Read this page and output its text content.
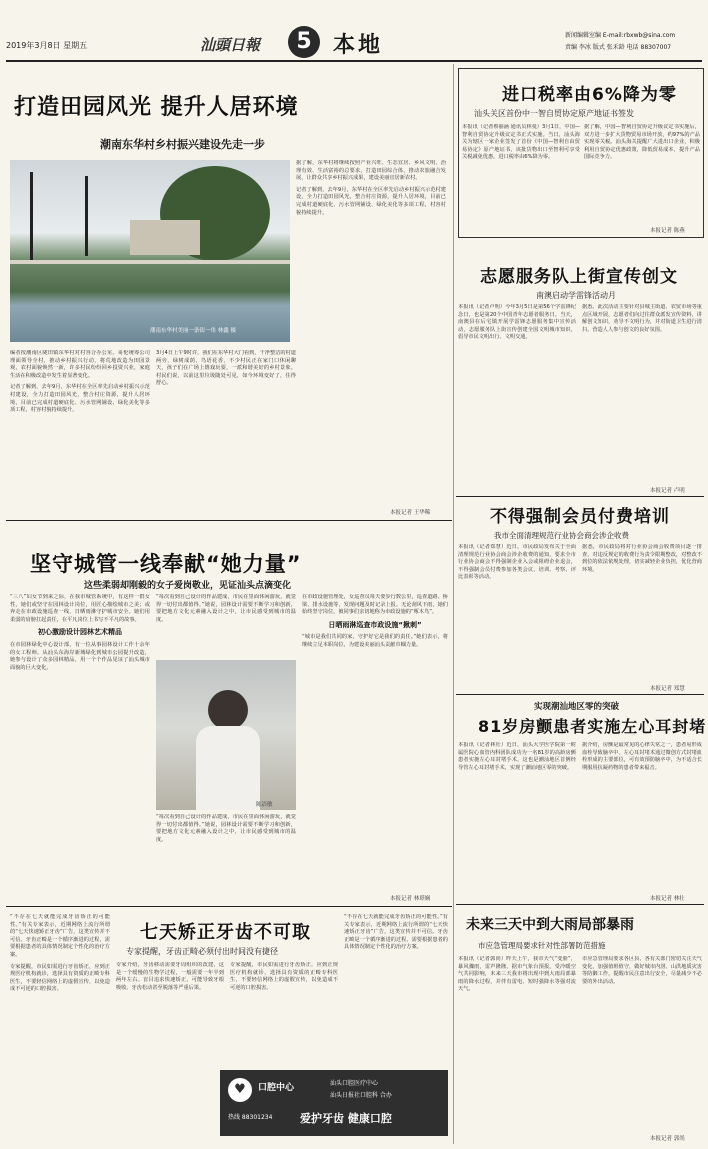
2019年3月8日 星期五	汕頭日報	5 本地	新闻编辑室编 E-mail:rbxwb@sina.com
责编 李冰 版式 张禾龄 电话 88307007
打造田园风光 提升人居环境
潮南东华村乡村振兴建设先走一步
潮南东华村美丽一条街一角 林鑫 摄

编者按潮南区陇田镇东华村对村容合办公室。哥伦统筹公司理面领导全村，推动乡村振兴行动，将荒地改造为田园景观，农村面貌焕然一新，许多村民纷纷回乡投资兴业，家庭生活在积极改造中发生着显著变化。

记者了解到，去年9月，东华村在全区率先启动乡村振兴示范村建设，全力打造田园风光，整合村庄资源，提升人居环境，目前已完成村道硬底化、污水管网铺设、绿化美化等多项工程，村容村貌持续提升。

3月4日上午9时许，我们在东华村大门看到，干净整洁的村道两旁，绿树成荫，鸟语花香，不少村民正在家门口休闲聊天，孩子们在广场上嬉戏玩耍，一派和谐美好的乡村景象。村民们说，以前这里垃圾随处可见，如今环境变好了，住得舒心。

据了解，东华村将继续按照产业兴旺、生态宜居、乡风文明、治理有效、生活富裕的总要求，打造田园综合体，推动农旅融合发展，让群众共享乡村振兴成果，建设美丽宜居新农村。

记者了解到，去年9月，东华村在全区率先启动乡村振兴示范村建设，全力打造田园风光，整合村庄资源，提升人居环境，目前已完成村道硬底化、污水管网铺设、绿化美化等多项工程，村容村貌持续提升。

本报记者 王华稀
进口税率由6%降为零
汕头关区首份中一智自贸协定原产地证书签发

本报讯（记者蔡丽涵 通讯员林曼）3月1日，中国—智利自贸协定升级议定书正式实施。当日，汕头海关为辖区一家企业签发了首份《中国—智利自由贸易协定》原产地证书，该批货物出口至智利可享受关税减免优惠，进口税率由6%降为零。

据了解，中国—智利自贸协定升级议定书实施后，双方进一步扩大货物贸易市场开放，约97%的产品实现零关税。汕头海关提醒广大进出口企业，积极利用自贸协定优惠政策，降低贸易成本，提升产品国际竞争力。

本报记者 陈燕
志愿服务队上街宣传创文
南澳启动学雷锋活动月

本报讯（记者卢明）今年3月5日是第56个学雷锋纪念日，也是第20个中国青年志愿者服务日。当天，南澳县在后宅镇开展学雷锋志愿服务集中宣传活动，志愿服务队上街宣传创建全国文明城市知识，倡导市民文明出行、文明交通。

据悉，此次活动主要针对县城主街道、农贸市场等重点区域开展，志愿者们向过往群众派发宣传资料，讲解创文知识，劝导不文明行为，并对街道卫生进行清扫，营造人人参与创文的良好氛围。

本报记者 卢明
不得强制会员付费培训
我市全面清理规范行业协会商会涉企收费

本报讯（记者郑慧）近日，市民政局发布关于全面清理规范行业协会商会涉企收费的通知，要求全市行业协会商会不得强制企业入会或阻碍企业退会，不得强制会员付费参加各类会议、培训、考察、评比表彰等活动。

据悉，市民政局将对行业协会商会收费项目逐一排查，对违反规定的收费行为责令限期整改，对整改不到位的依法依规处理，切实减轻企业负担，优化营商环境。

本报记者 郑慧
实现潮汕地区零的突破
81岁房颤患者实施左心耳封堵

本报讯（记者林壮）近日，汕头大学医学院第一附属医院心血管内科团队成功为一名81岁的高龄房颤患者实施左心耳封堵手术，这也是潮汕地区首例经导管左心耳封堵手术，实现了潮汕地区零的突破。

据介绍，房颤是最常见的心律失常之一，患者易形成血栓导致脑卒中。左心耳封堵术通过微创方式封堵血栓形成的主要部位，可有效预防脑卒中，为不适合长期服用抗凝药物的患者带来福音。

本报记者 林壮
坚守城管一线奉献“她力量”
这些柔弱却刚毅的女子爱岗敬业，见证汕头点滴变化

“三八”妇女节到来之际，在我市城管系统中，有这样一群女性，她们或坚守在园林设计岗位，用匠心描绘城市之美；或奔走在市政设施巡查一线，日晒雨淋守护城市安全。她们用柔弱的肩膀扛起责任，在平凡岗位上书写不平凡的故事。

初心激励设计园林艺术精品

在市园林绿化中心设计部，有一位从事园林设计工作十余年的女工程师。从汕头东海岸新城绿化到城市公园提升改造，她参与设计了众多园林精品，用一个个作品见证了汕头城市面貌的巨大变化。

陈洁敏

“每次看到自己设计的作品建成，市民在里面休闲游玩，就觉得一切付出都值得。”她说，园林设计需要不断学习和创新，要把地方文化元素融入设计之中，让市民感受到城市的温度。

“每次看到自己设计的作品建成，市民在里面休闲游玩，就觉得一切付出都值得。”她说，园林设计需要不断学习和创新，要把地方文化元素融入设计之中，让市民感受到城市的温度。

在市政设施管理处，女巡查员每天要步行数公里，巡查道路、桥梁、排水设施等，发现问题及时记录上报。无论刮风下雨，她们始终坚守岗位，被同事们亲切地称为市政设施的“啄木鸟”。

日晒雨淋巡查市政设施“揪刺”

“城市是我们共同的家，守护好它是我们的责任。”她们表示，将继续立足本职岗位，为建设美丽汕头贡献巾帼力量。

本报记者 林璟娴

“不存在七天就能完成牙齿矫正的可能性。”有关专家表示，近期网络上流行所谓的“七天快速矫正牙齿”广告，这类宣传并不可信。牙齿正畸是一个循序渐进的过程，需要根据患者的具体情况制定个性化的治疗方案。

专家提醒，市民如需进行牙齿矫正，应到正规医疗机构就诊，选择具有资质的正畸专科医生，不要轻信网络上的虚假宣传，以免造成不可逆的口腔损害。

七天矫正牙齿不可取
专家提醒，牙齿正畸必须付出时间没有捷径

专家介绍，牙齿移动需要牙周组织的改建，这是一个缓慢的生物学过程，一般需要一年半到两年左右。盲目追求快速矫正，可能导致牙根吸收、牙齿松动甚至脱落等严重后果。

专家提醒，市民如需进行牙齿矫正，应到正规医疗机构就诊，选择具有资质的正畸专科医生，不要轻信网络上的虚假宣传，以免造成不可逆的口腔损害。

“不存在七天就能完成牙齿矫正的可能性。”有关专家表示，近期网络上流行所谓的“七天快速矫正牙齿”广告，这类宣传并不可信。牙齿正畸是一个循序渐进的过程，需要根据患者的具体情况制定个性化的治疗方案。

♥	口腔中心	汕头口腔医疗中心
汕头日报社口腔科 合办
热线 88301234	爱护牙齿 健康口腔
未来三天中到大雨局部暴雨
市应急管理局要求针对性部署防范措施

本报讯（记者郭尚）昨天上午，我市天气“变脸”，暴风骤雨，雷声隆隆。据市气象台预报，受冷暖空气共同影响，未来三天我市将出现中到大雨局部暴雨的降水过程，并伴有雷电、短时强降水等强对流天气。

市应急管理局要求各区县、各有关部门密切关注天气变化，加强值班值守，做好城市内涝、山洪地质灾害等防御工作，提醒市民注意出行安全，尽量减少不必要的外出活动。

本报记者 郭尚
